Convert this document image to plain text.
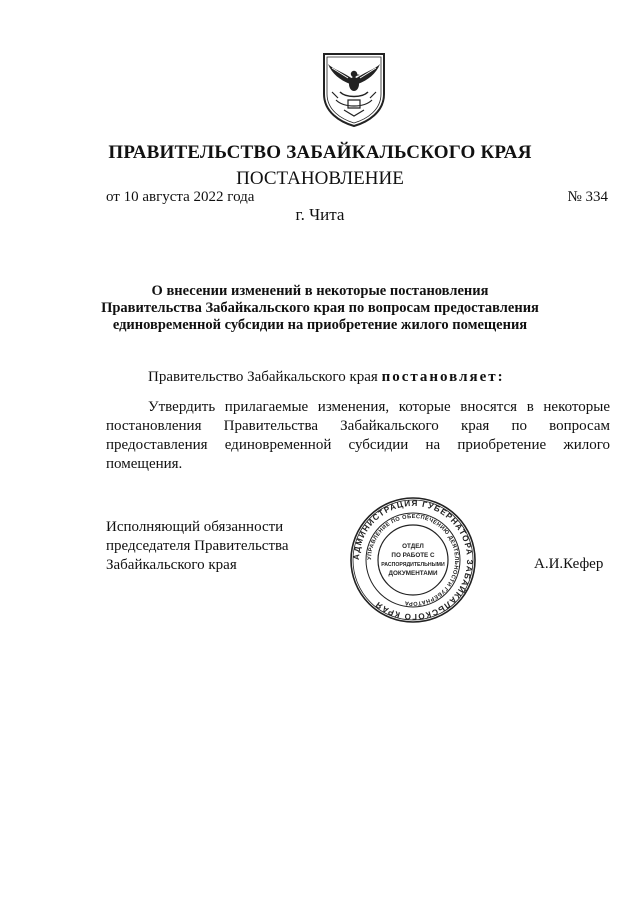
ПРАВИТЕЛЬСТВО ЗАБАЙКАЛЬСКОГО КРАЯ
ПОСТАНОВЛЕНИЕ
от 10 августа 2022 года	№ 334
г. Чита
О внесении изменений в некоторые постановления
Правительства Забайкальского края по вопросам предоставления
единовременной субсидии на приобретение жилого помещения
Правительство Забайкальского края постановляет:
Утвердить прилагаемые изменения, которые вносятся в некоторые
постановления Правительства Забайкальского края по вопросам
предоставления единовременной субсидии на приобретение жилого
помещения.
Исполняющий обязанности
председателя Правительства
Забайкальского края
АДМИНИСТРАЦИЯ ГУБЕРНАТОРА ЗАБАЙКАЛЬСКОГО КРАЯ
УПРАВЛЕНИЕ ПО ОБЕСПЕЧЕНИЮ ДЕЯТЕЛЬНОСТИ ГУБЕРНАТОРА
ОТДЕЛ
ПО РАБОТЕ С
РАСПОРЯДИТЕЛЬНЫМИ
ДОКУМЕНТАМИ
А.И.Кефер
